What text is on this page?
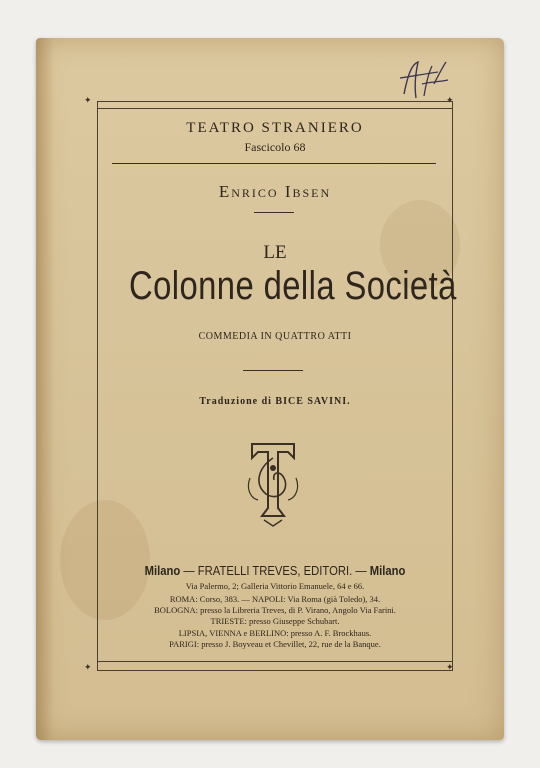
✦	✦
✦	✦
TEATRO STRANIERO
Fascicolo 68
Enrico Ibsen
LE
Colonne della Società
COMMEDIA IN QUATTRO ATTI
Traduzione di BICE SAVINI.
Milano — FRATELLI TREVES, EDITORI. — Milano
Via Palermo, 2; Galleria Vittorio Emanuele, 64 e 66.
ROMA: Corso, 383. — NAPOLI: Via Roma (già Toledo), 34.
BOLOGNA: presso la Libreria Treves, di P. Virano, Angolo Via Farini.
TRIESTE: presso Giuseppe Schubart.
LIPSIA, VIENNA e BERLINO: presso A. F. Brockhaus.
PARIGI: presso J. Boyveau et Chevillet, 22, rue de la Banque.
